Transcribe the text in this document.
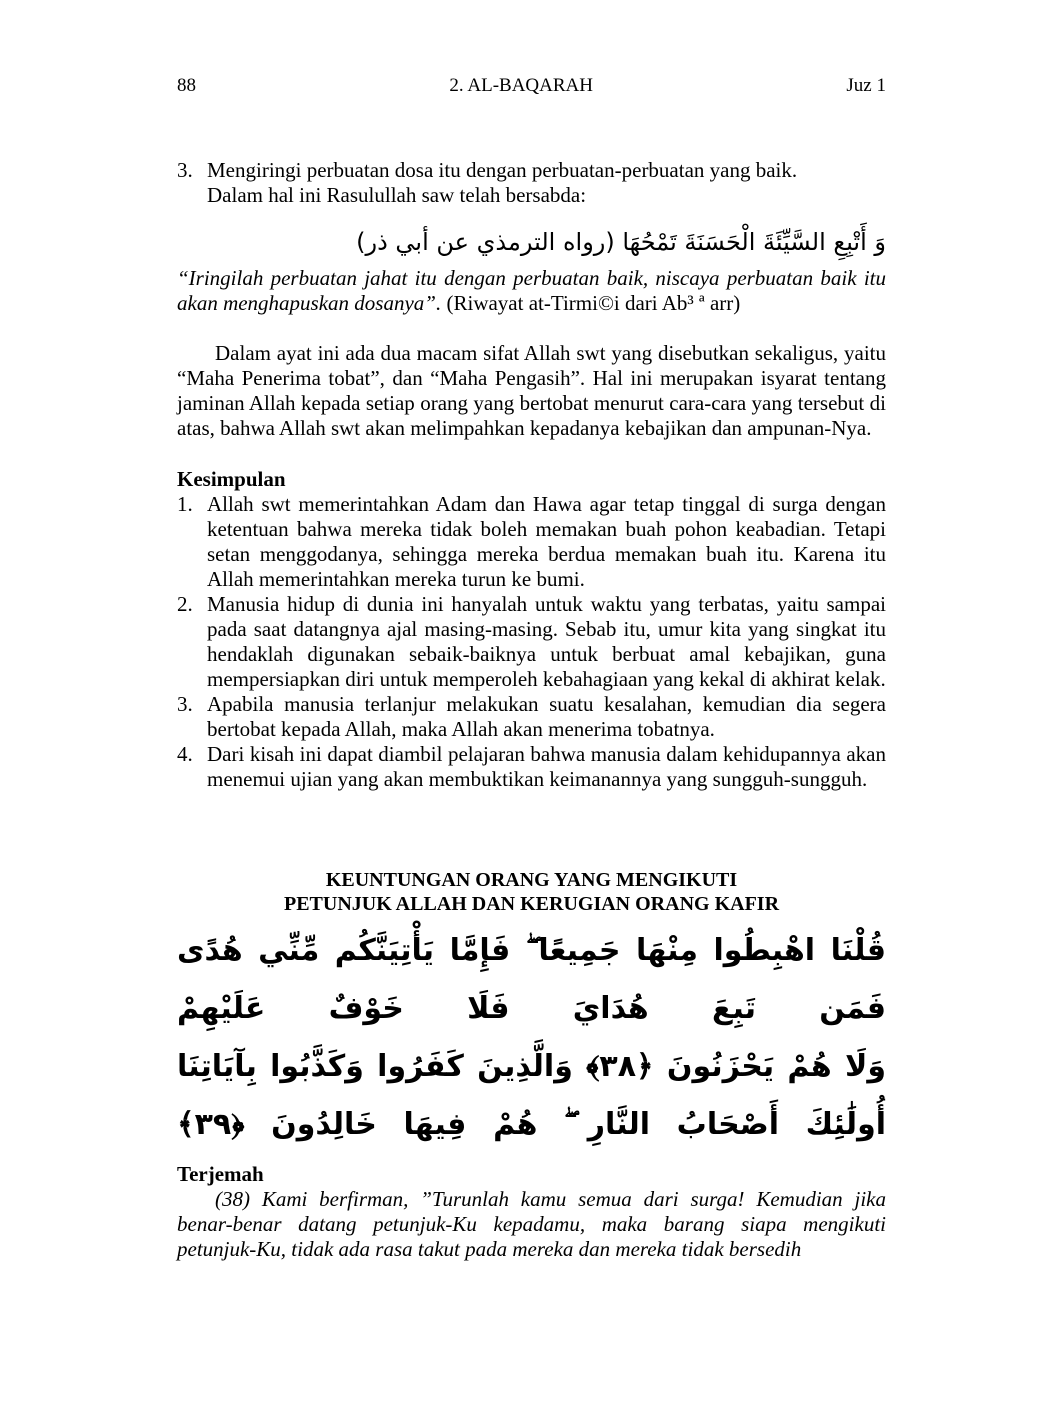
88	2. AL-BAQARAH	Juz 1
3. Mengiringi perbuatan dosa itu dengan perbuatan-perbuatan yang baik.
Dalam hal ini Rasulullah saw telah bersabda:
وَ أَتْبِعِ السَّيِّئَةَ الْحَسَنَةَ تَمْحُهَا (رواه الترمذي عن أبي ذر)
“Iringilah perbuatan jahat itu dengan perbuatan baik, niscaya perbuatan baik itu akan menghapuskan dosanya”. (Riwayat at-Tirmi©i dari Ab³ ª arr)
Dalam ayat ini ada dua macam sifat Allah swt yang disebutkan sekaligus, yaitu “Maha Penerima tobat”, dan “Maha Pengasih”. Hal ini merupakan isyarat tentang jaminan Allah kepada setiap orang yang bertobat menurut cara-cara yang tersebut di atas, bahwa Allah swt akan melimpahkan kepadanya kebajikan dan ampunan-Nya.
Kesimpulan
1. Allah swt memerintahkan Adam dan Hawa agar tetap tinggal di surga dengan ketentuan bahwa mereka tidak boleh memakan buah pohon keabadian. Tetapi setan menggodanya, sehingga mereka berdua memakan buah itu. Karena itu Allah memerintahkan mereka turun ke bumi.
2. Manusia hidup di dunia ini hanyalah untuk waktu yang terbatas, yaitu sampai pada saat datangnya ajal masing-masing. Sebab itu, umur kita yang singkat itu hendaklah digunakan sebaik-baiknya untuk berbuat amal kebajikan, guna mempersiapkan diri untuk memperoleh kebahagiaan yang kekal di akhirat kelak.
3. Apabila manusia terlanjur melakukan suatu kesalahan, kemudian dia segera bertobat kepada Allah, maka Allah akan menerima tobatnya.
4. Dari kisah ini dapat diambil pelajaran bahwa manusia dalam kehidupannya akan menemui ujian yang akan membuktikan keimanannya yang sungguh-sungguh.
KEUNTUNGAN ORANG YANG MENGIKUTI
PETUNJUK ALLAH DAN KERUGIAN ORANG KAFIR
قُلْنَا اهْبِطُوا مِنْهَا جَمِيعًا ۖ فَإِمَّا يَأْتِيَنَّكُم مِّنِّي هُدًى فَمَن تَبِعَ هُدَايَ فَلَا خَوْفٌ عَلَيْهِمْ
وَلَا هُمْ يَحْزَنُونَ ﴿٣٨﴾ وَالَّذِينَ كَفَرُوا وَكَذَّبُوا بِآيَاتِنَا أُولَٰئِكَ أَصْحَابُ النَّارِ ۖ هُمْ فِيهَا خَالِدُونَ ﴿٣٩﴾
Terjemah
(38) Kami berfirman, ”Turunlah kamu semua dari surga! Kemudian jika benar-benar datang petunjuk-Ku kepadamu, maka barang siapa mengikuti petunjuk-Ku, tidak ada rasa takut pada mereka dan mereka tidak bersedih
